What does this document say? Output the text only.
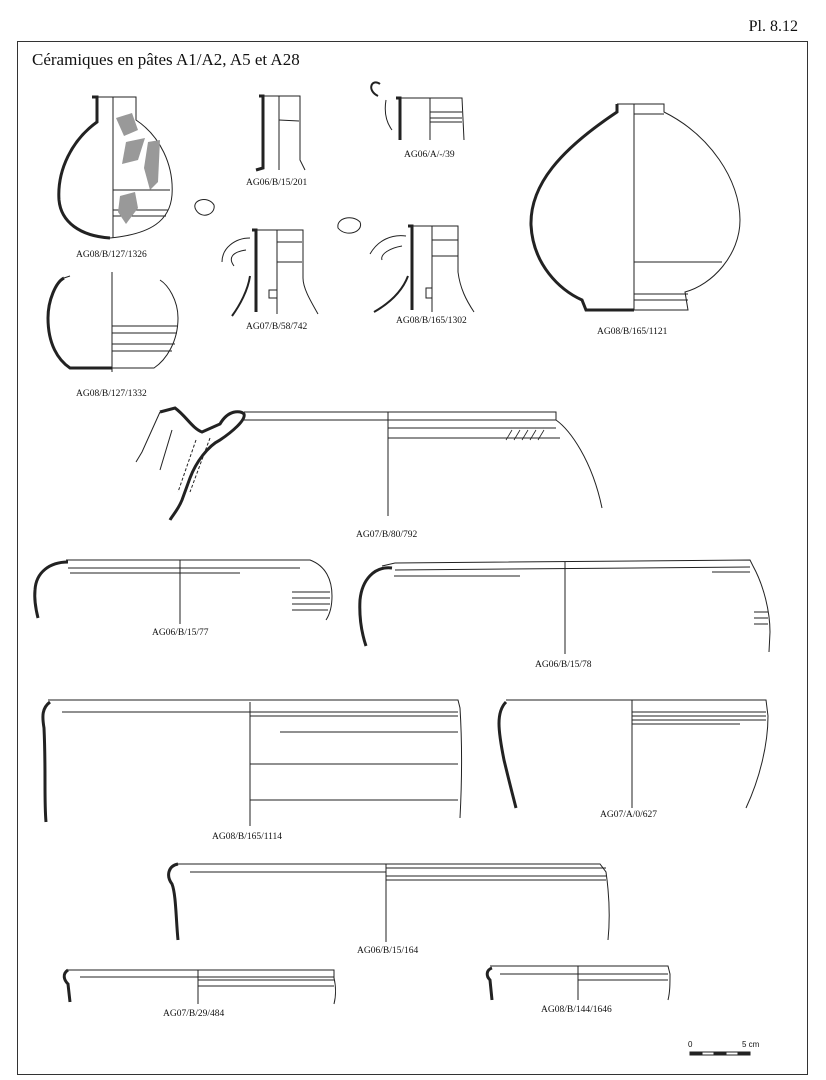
Pl. 8.12
Céramiques en pâtes A1/A2, A5 et A28
AG08/B/127/1326
AG06/B/15/201
AG06/A/-/39
AG08/B/165/1121
AG07/B/58/742
AG08/B/165/1302
AG08/B/127/1332
AG07/B/80/792
AG06/B/15/77
AG06/B/15/78
AG08/B/165/1114
AG07/A/0/627
AG06/B/15/164
AG07/B/29/484	AG08/B/144/1646
0	5 cm
